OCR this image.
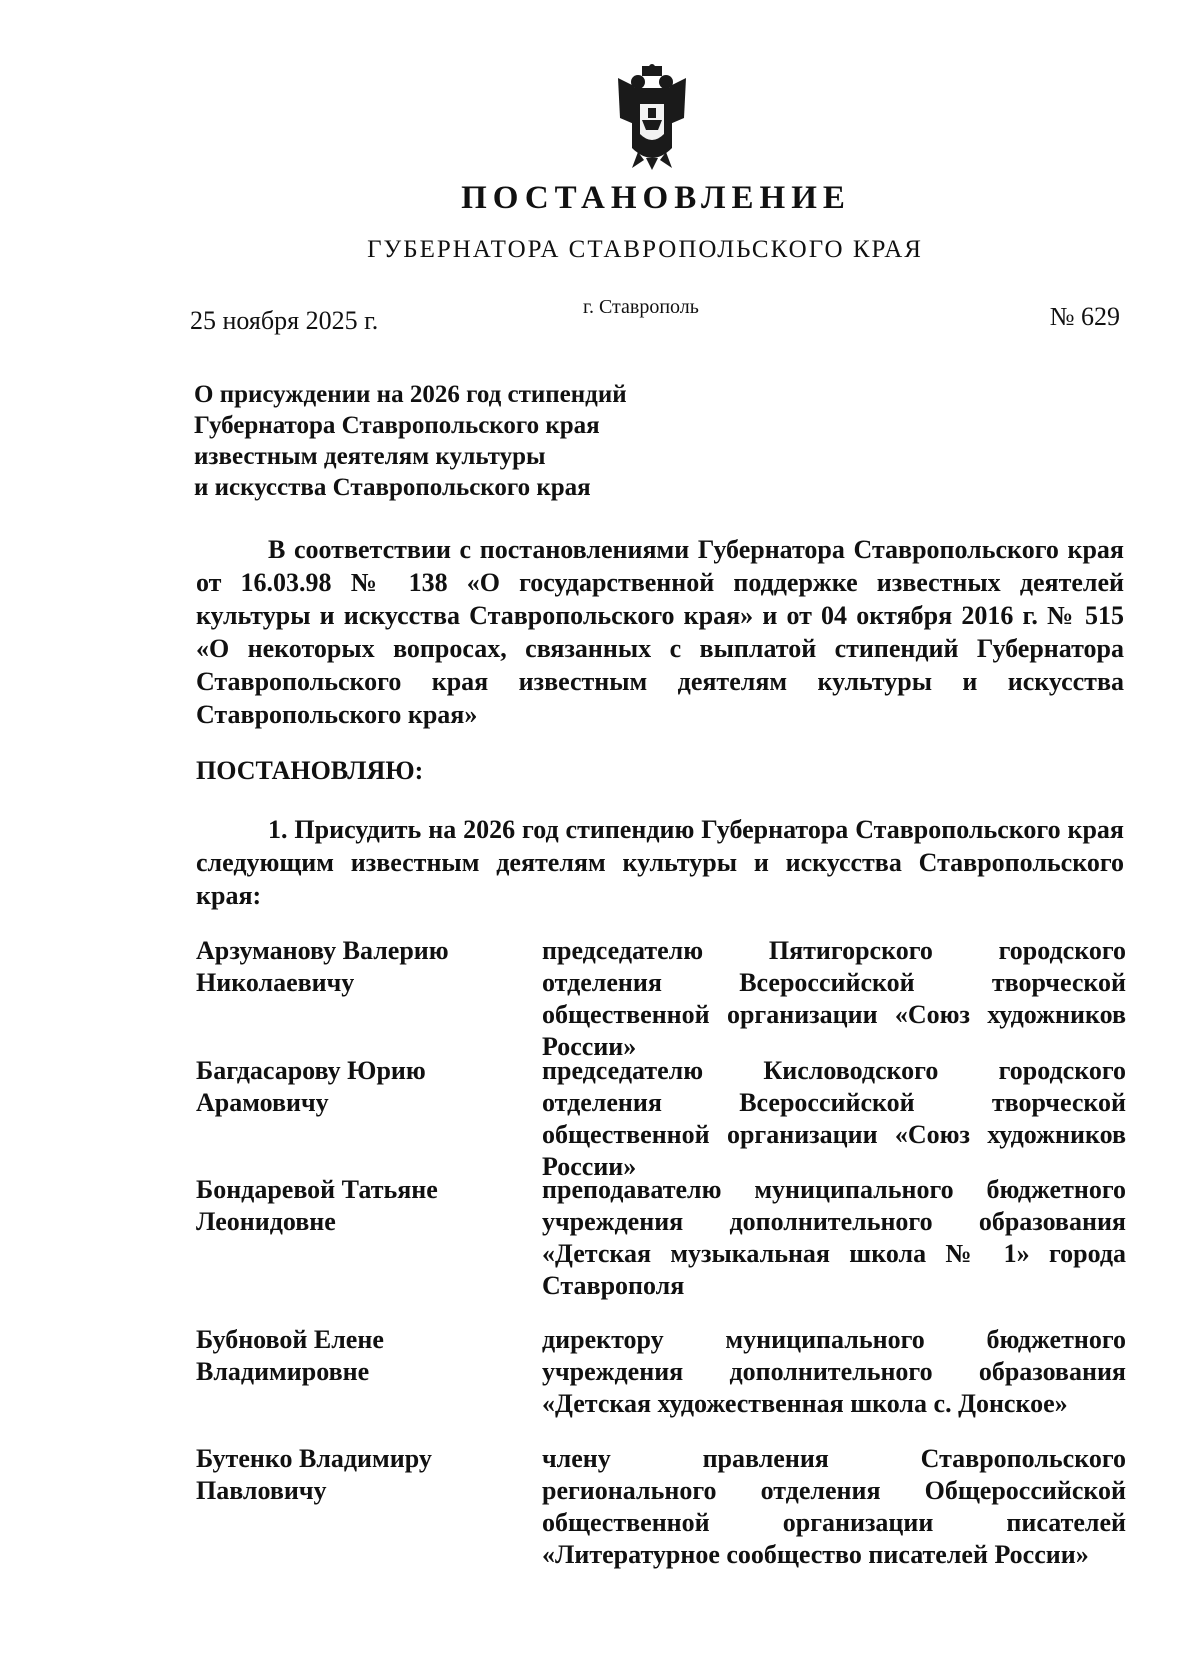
ПОСТАНОВЛЕНИЕ
ГУБЕРНАТОРА СТАВРОПОЛЬСКОГО КРАЯ
г. Ставрополь
25 ноября 2025 г.	№ 629
О присуждении на 2026 год стипендий
Губернатора Ставропольского края
известным деятелям культуры
и искусства Ставропольского края
В соответствии с постановлениями Губернатора Ставропольского края от 16.03.98 № 138 «О государственной поддержке известных деятелей культуры и искусства Ставропольского края» и от 04 октября 2016 г. № 515 «О некоторых вопросах, связанных с выплатой стипендий Губернатора Ставропольского края известным деятелям культуры и искусства Ставропольского края»
ПОСТАНОВЛЯЮ:
1. Присудить на 2026 год стипендию Губернатора Ставропольского края следующим известным деятелям культуры и искусства Ставропольского края:
Арзуманову Валерию Николаевичу
председателю Пятигорского городского отделения Всероссийской творческой общественной организации «Союз художников России»
Багдасарову Юрию Арамовичу
председателю Кисловодского городского отделения Всероссийской творческой общественной организации «Союз художников России»
Бондаревой Татьяне Леонидовне
преподавателю муниципального бюджетного учреждения дополнительного образования «Детская музыкальная школа № 1» города Ставрополя
Бубновой Елене Владимировне
директору муниципального бюджетного учреждения дополнительного образования «Детская художественная школа с. Донское»
Бутенко Владимиру Павловичу
члену правления Ставропольского регионального отделения Общероссийской общественной организации писателей «Литературное сообщество писателей России»
